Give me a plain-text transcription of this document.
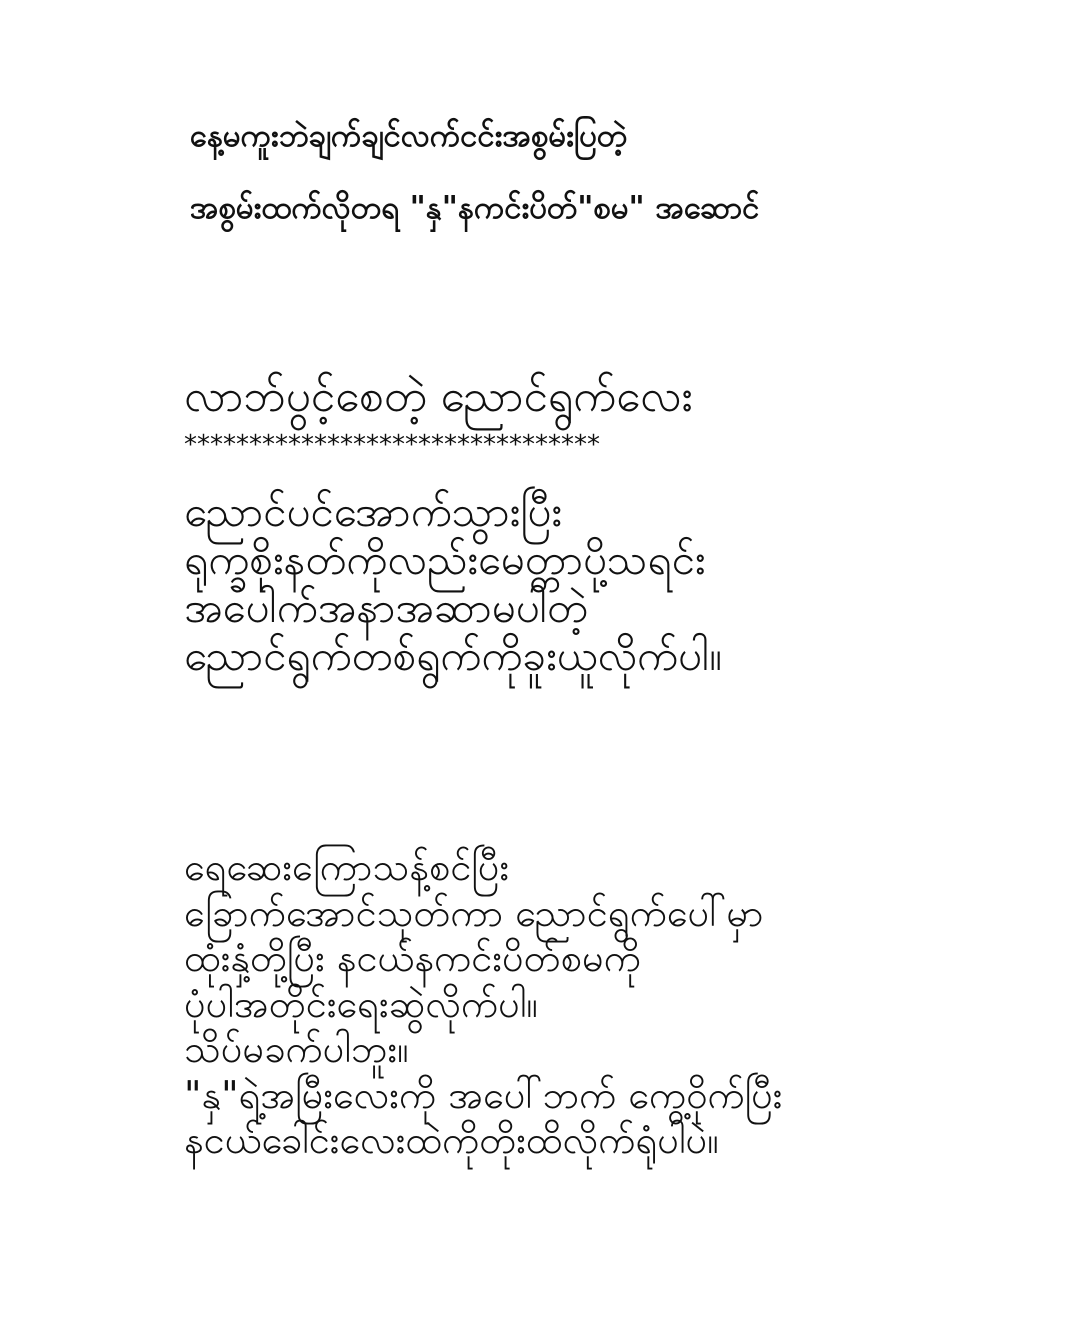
နေ့မကူးဘဲချက်ချင်လက်ငင်းအစွမ်းပြတဲ့
အစွမ်းထက်လိုတရ "နှ"နကင်းပိတ်"စမ" အဆောင်
လာဘ်ပွင့်စေတဲ့ ညောင်ရွက်လေး
********************************
ညောင်ပင်အောက်သွားပြီး
ရုက္ခစိုးနတ်ကိုလည်းမေတ္တာပို့သရင်း
အပေါက်အနာအဆာမပါတဲ့
ညောင်ရွက်တစ်ရွက်ကိုခူးယူလိုက်ပါ။
ရေဆေးကြောသန့်စင်ပြီး
ခြောက်အောင်သုတ်ကာ ညောင်ရွက်ပေါ်မှာ
ထုံးနှံ့တို့ပြီး နငယ်နကင်းပိတ်စမကို
ပုံပါအတိုင်းရေးဆွဲလိုက်ပါ။
သိပ်မခက်ပါဘူး။
"နှ"ရဲ့အမြီးလေးကို အပေါ်ဘက် ကွေ့ဝိုက်ပြီး
နငယ်ခေါင်းလေးထဲကိုတိုးထိလိုက်ရုံပါပဲ။
